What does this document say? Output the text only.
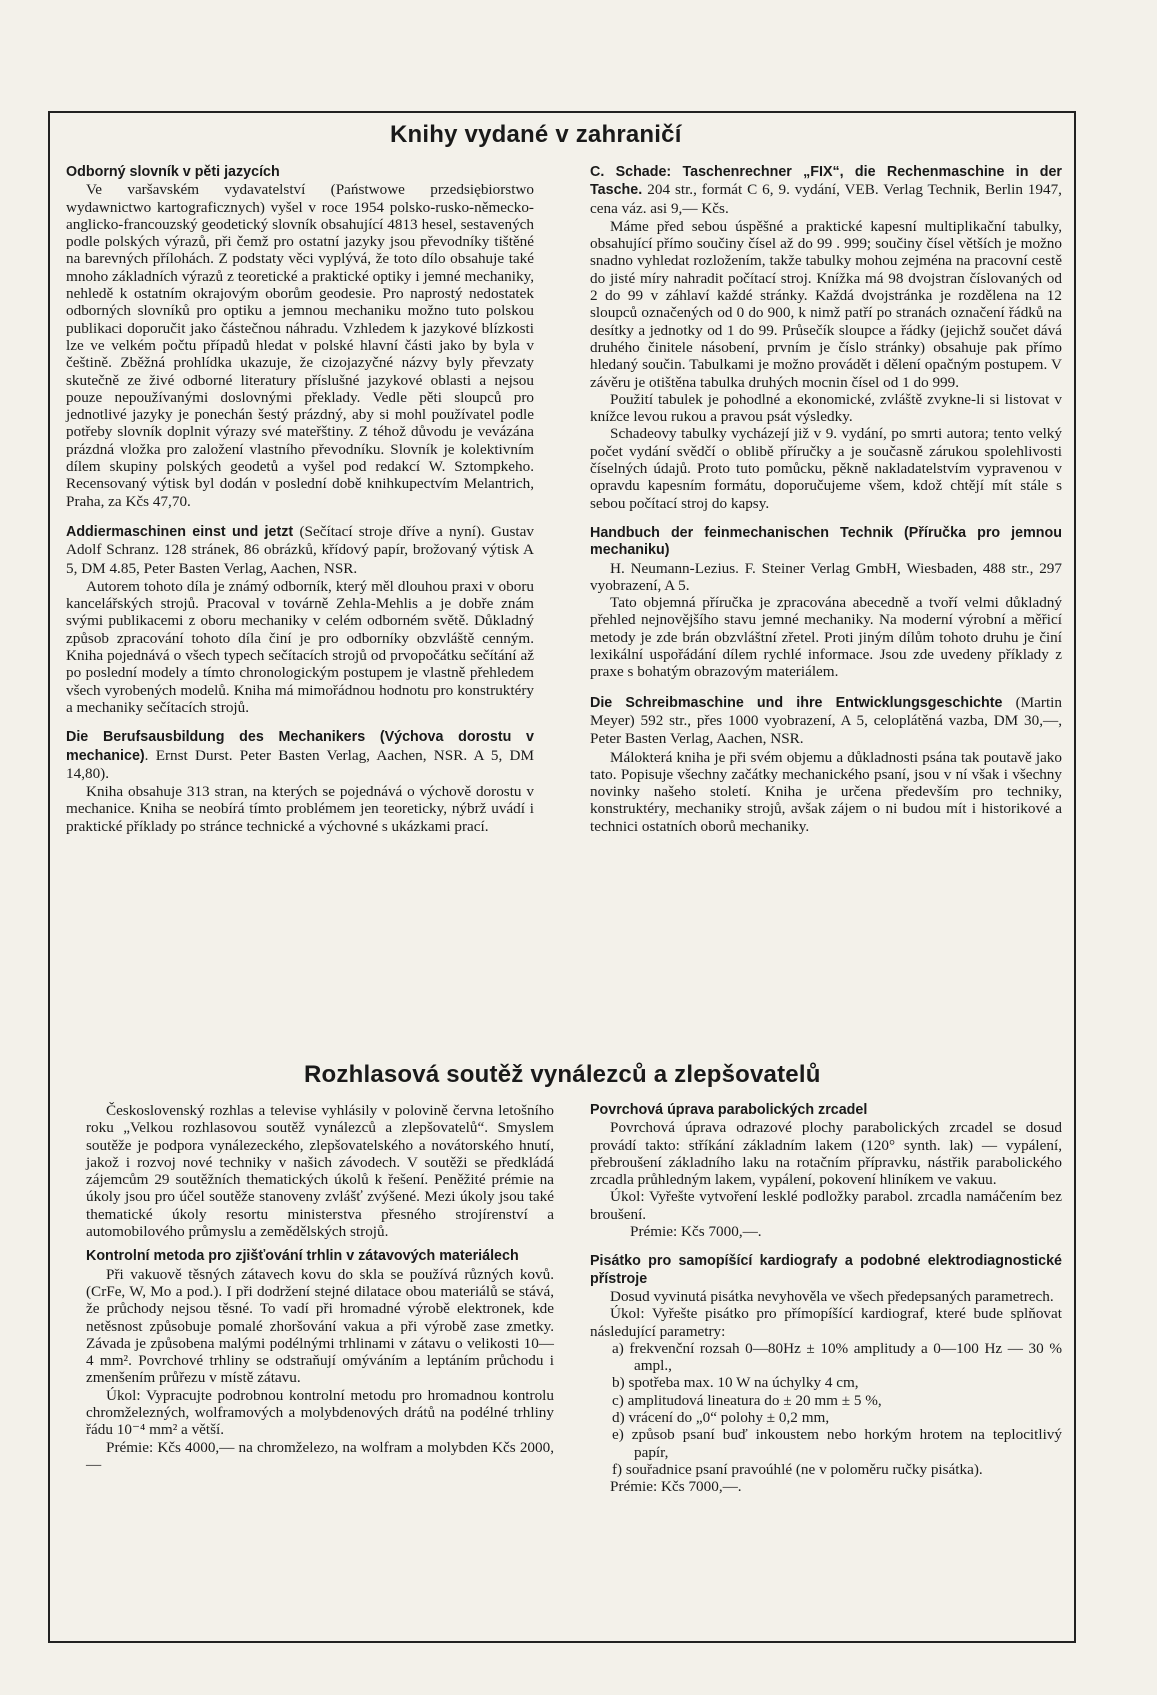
Knihy vydané v zahraničí
Odborný slovník v pěti jazycích

Ve varšavském vydavatelství (Państwowe przedsiębiorstwo wydawnictwo kartograficznych) vyšel v roce 1954 polsko-rusko-německo-anglicko-francouzský geodetický slovník obsahující 4813 hesel, sestavených podle polských výrazů, při čemž pro ostatní jazyky jsou převodníky tištěné na barevných přílohách. Z podstaty věci vyplývá, že toto dílo obsahuje také mnoho základních výrazů z teoretické a praktické optiky i jemné mechaniky, nehledě k ostatním okrajovým oborům geodesie. Pro naprostý nedostatek odborných slovníků pro optiku a jemnou mechaniku možno tuto polskou publikaci doporučit jako částečnou náhradu. Vzhledem k jazykové blízkosti lze ve velkém počtu případů hledat v polské hlavní části jako by byla v češtině. Zběžná prohlídka ukazuje, že cizojazyčné názvy byly převzaty skutečně ze živé odborné literatury příslušné jazykové oblasti a nejsou pouze nepoužívanými doslovnými překlady. Vedle pěti sloupců pro jednotlivé jazyky je ponechán šestý prázdný, aby si mohl používatel podle potřeby slovník doplnit výrazy své mateřštiny. Z téhož důvodu je vevázána prázdná vložka pro založení vlastního převodníku. Slovník je kolektivním dílem skupiny polských geodetů a vyšel pod redakcí W. Sztompkeho. Recensovaný výtisk byl dodán v poslední době knihkupectvím Melantrich, Praha, za Kčs 47,70.

Addiermaschinen einst und jetzt (Sečítací stroje dříve a nyní). Gustav Adolf Schranz. 128 stránek, 86 obrázků, křídový papír, brožovaný výtisk A 5, DM 4.85, Peter Basten Verlag, Aachen, NSR.

Autorem tohoto díla je známý odborník, který měl dlouhou praxi v oboru kancelářských strojů. Pracoval v továrně Zehla-Mehlis a je dobře znám svými publikacemi z oboru mechaniky v celém odborném světě. Důkladný způsob zpracování tohoto díla činí je pro odborníky obzvláště cenným. Kniha pojednává o všech typech sečítacích strojů od prvopočátku sečítání až po poslední modely a tímto chronologickým postupem je vlastně přehledem všech vyrobených modelů. Kniha má mimořádnou hodnotu pro konstruktéry a mechaniky sečítacích strojů.

Die Berufsausbildung des Mechanikers (Výchova dorostu v mechanice). Ernst Durst. Peter Basten Verlag, Aachen, NSR. A 5, DM 14,80).

Kniha obsahuje 313 stran, na kterých se pojednává o výchově dorostu v mechanice. Kniha se neobírá tímto problémem jen teoreticky, nýbrž uvádí i praktické příklady po stránce technické a výchovné s ukázkami prací.

C. Schade: Taschenrechner „FIX“, die Rechenmaschine in der Tasche. 204 str., formát C 6, 9. vydání, VEB. Verlag Technik, Berlin 1947, cena váz. asi 9,— Kčs.

Máme před sebou úspěšné a praktické kapesní multiplikační tabulky, obsahující přímo součiny čísel až do 99 . 999; součiny čísel větších je možno snadno vyhledat rozložením, takže tabulky mohou zejména na pracovní cestě do jisté míry nahradit počítací stroj. Knížka má 98 dvojstran číslovaných od 2 do 99 v záhlaví každé stránky. Každá dvojstránka je rozdělena na 12 sloupců označených od 0 do 900, k nimž patří po stranách označení řádků na desítky a jednotky od 1 do 99. Průsečík sloupce a řádky (jejichž součet dává druhého činitele násobení, prvním je číslo stránky) obsahuje pak přímo hledaný součin. Tabulkami je možno provádět i dělení opačným postupem. V závěru je otištěna tabulka druhých mocnin čísel od 1 do 999.

Použití tabulek je pohodlné a ekonomické, zvláště zvykne-li si listovat v knížce levou rukou a pravou psát výsledky.

Schadeovy tabulky vycházejí již v 9. vydání, po smrti autora; tento velký počet vydání svědčí o oblibě příručky a je současně zárukou spolehlivosti číselných údajů. Proto tuto pomůcku, pěkně nakladatelstvím vypravenou v opravdu kapesním formátu, doporučujeme všem, kdož chtějí mít stále s sebou počítací stroj do kapsy.

Handbuch der feinmechanischen Technik (Příručka pro jemnou mechaniku)

H. Neumann-Lezius. F. Steiner Verlag GmbH, Wiesbaden, 488 str., 297 vyobrazení, A 5.

Tato objemná příručka je zpracována abecedně a tvoří velmi důkladný přehled nejnovějšího stavu jemné mechaniky. Na moderní výrobní a měřicí metody je zde brán obzvláštní zřetel. Proti jiným dílům tohoto druhu je činí lexikální uspořádání dílem rychlé informace. Jsou zde uvedeny příklady z praxe s bohatým obrazovým materiálem.

Die Schreibmaschine und ihre Entwicklungsgeschichte (Martin Meyer) 592 str., přes 1000 vyobrazení, A 5, celoplátěná vazba, DM 30,—, Peter Basten Verlag, Aachen, NSR.

Málokterá kniha je při svém objemu a důkladnosti psána tak poutavě jako tato. Popisuje všechny začátky mechanického psaní, jsou v ní však i všechny novinky našeho století. Kniha je určena především pro techniky, konstruktéry, mechaniky strojů, avšak zájem o ni budou mít i historikové a technici ostatních oborů mechaniky.

Rozhlasová soutěž vynálezců a zlepšovatelů

Československý rozhlas a televise vyhlásily v polovině června letošního roku „Velkou rozhlasovou soutěž vynálezců a zlepšovatelů“. Smyslem soutěže je podpora vynálezeckého, zlepšovatelského a novátorského hnutí, jakož i rozvoj nové techniky v našich závodech. V soutěži se předkládá zájemcům 29 soutěžních thematických úkolů k řešení. Peněžité prémie na úkoly jsou pro účel soutěže stanoveny zvlášť zvýšené. Mezi úkoly jsou také thematické úkoly resortu ministerstva přesného strojírenství a automobilového průmyslu a zemědělských strojů.

Kontrolní metoda pro zjišťování trhlin v zátavových materiálech

Při vakuově těsných zátavech kovu do skla se používá různých kovů. (CrFe, W, Mo a pod.). I při dodržení stejné dilatace obou materiálů se stává, že průchody nejsou těsné. To vadí při hromadné výrobě elektronek, kde netěsnost způsobuje pomalé zhoršování vakua a při výrobě zase zmetky. Závada je způsobena malými podélnými trhlinami v zátavu o velikosti 10—4 mm². Povrchové trhliny se odstraňují omýváním a leptáním průchodu i zmenšením průřezu v místě zátavu.

Úkol: Vypracujte podrobnou kontrolní metodu pro hromadnou kontrolu chromželezných, wolframových a molybdenových drátů na podélné trhliny řádu 10⁻⁴ mm² a větší.

Prémie: Kčs 4000,— na chromželezo, na wolfram a molybden Kčs 2000,—

Povrchová úprava parabolických zrcadel

Povrchová úprava odrazové plochy parabolických zrcadel se dosud provádí takto: stříkání základním lakem (120° synth. lak) — vypálení, přebroušení základního laku na rotačním přípravku, nástřik parabolického zrcadla průhledným lakem, vypálení, pokovení hliníkem ve vakuu.

Úkol: Vyřešte vytvoření lesklé podložky parabol. zrcadla namáčením bez broušení.

Prémie: Kčs 7000,—.

Pisátko pro samopíšící kardiografy a podobné elektrodiagnostické přístroje

Dosud vyvinutá pisátka nevyhověla ve všech předepsaných parametrech.

Úkol: Vyřešte pisátko pro přímopíšící kardiograf, které bude splňovat následující parametry:

a) frekvenční rozsah 0—80Hz ± 10% amplitudy a 0—100 Hz — 30 % ampl.,
b) spotřeba max. 10 W na úchylky 4 cm,
c) amplitudová lineatura do ± 20 mm ± 5 %,
d) vrácení do „0“ polohy ± 0,2 mm,
e) způsob psaní buď inkoustem nebo horkým hrotem na teplocitlivý papír,
f) souřadnice psaní pravoúhlé (ne v poloměru ručky pisátka).

Prémie: Kčs 7000,—.
